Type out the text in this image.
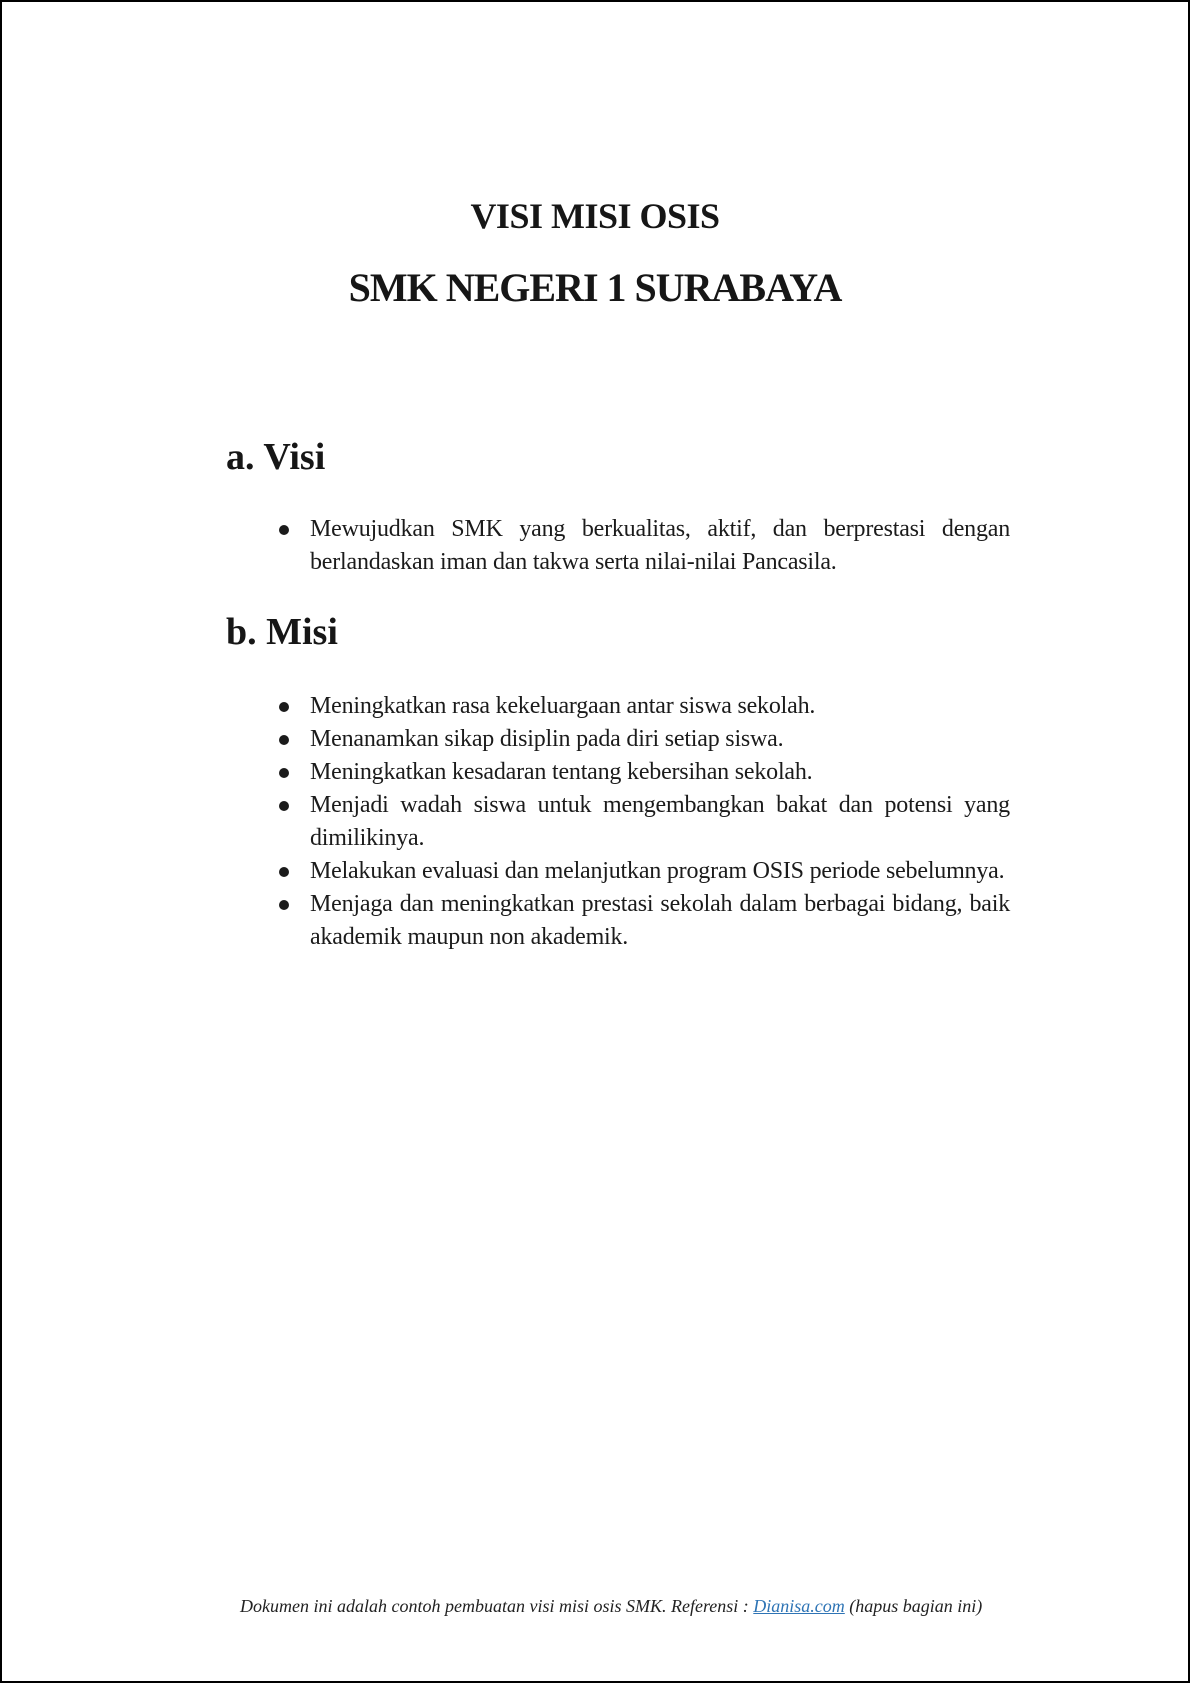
VISI MISI OSIS
SMK NEGERI 1 SURABAYA
a. Visi
Mewujudkan SMK yang berkualitas, aktif, dan berprestasi dengan berlandaskan iman dan takwa serta nilai-nilai Pancasila.
b. Misi
Meningkatkan rasa kekeluargaan antar siswa sekolah.
Menanamkan sikap disiplin pada diri setiap siswa.
Meningkatkan kesadaran tentang kebersihan sekolah.
Menjadi wadah siswa untuk mengembangkan bakat dan potensi yang dimilikinya.
Melakukan evaluasi dan melanjutkan program OSIS periode sebelumnya.
Menjaga dan meningkatkan prestasi sekolah dalam berbagai bidang, baik akademik maupun non akademik.
Dokumen ini adalah contoh pembuatan visi misi osis SMK. Referensi : Dianisa.com (hapus bagian ini)
